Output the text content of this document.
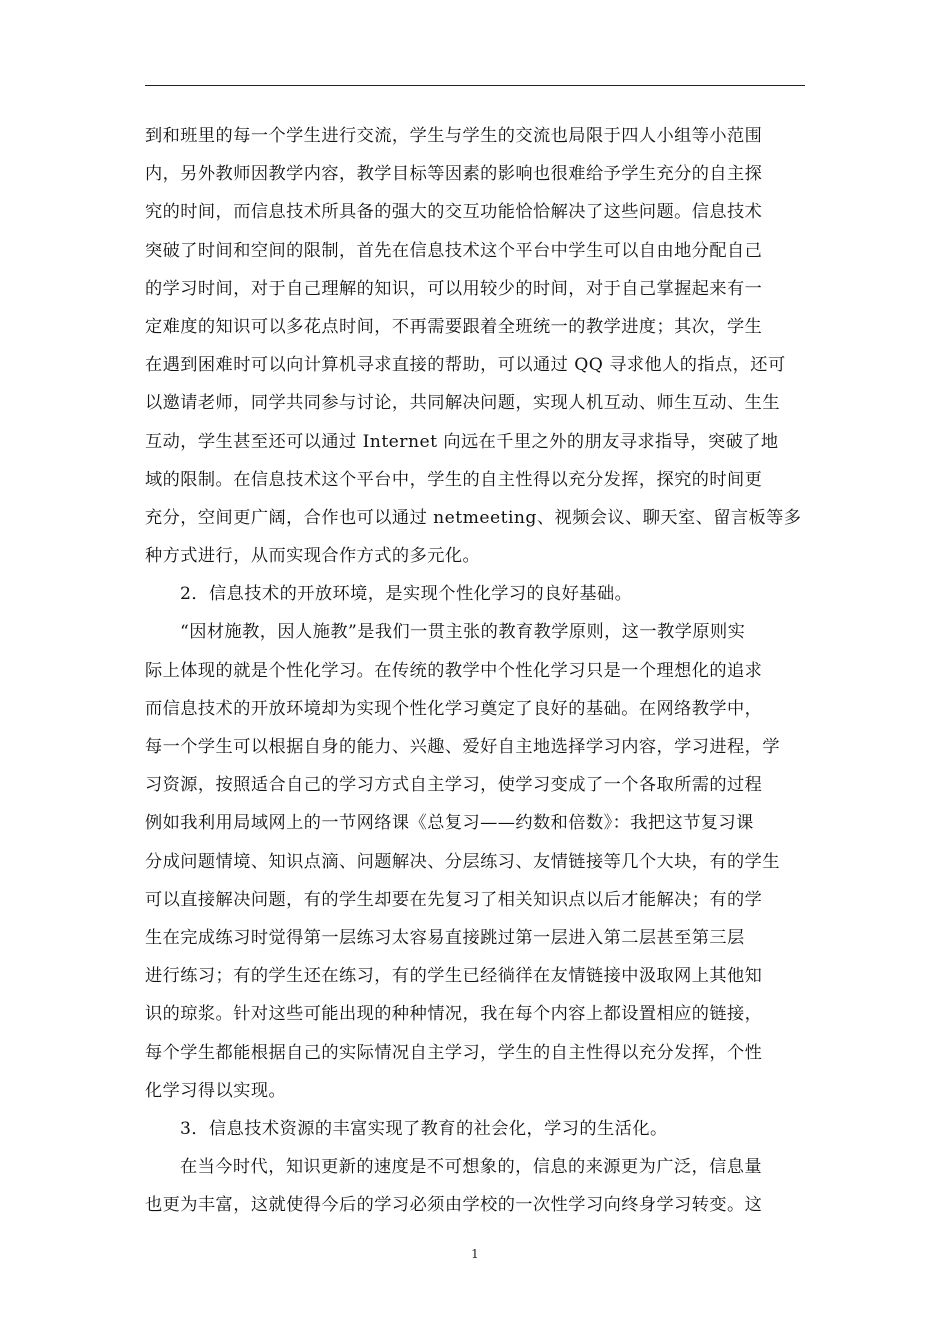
到和班里的每一个学生进行交流，学生与学生的交流也局限于四人小组等小范围
内，另外教师因教学内容，教学目标等因素的影响也很难给予学生充分的自主探
究的时间，而信息技术所具备的强大的交互功能恰恰解决了这些问题。信息技术
突破了时间和空间的限制，首先在信息技术这个平台中学生可以自由地分配自己
的学习时间，对于自己理解的知识，可以用较少的时间，对于自己掌握起来有一
定难度的知识可以多花点时间，不再需要跟着全班统一的教学进度；其次，学生
在遇到困难时可以向计算机寻求直接的帮助，可以通过 QQ 寻求他人的指点，还可
以邀请老师，同学共同参与讨论，共同解决问题，实现人机互动、师生互动、生生
互动，学生甚至还可以通过 Internet 向远在千里之外的朋友寻求指导，突破了地
域的限制。在信息技术这个平台中，学生的自主性得以充分发挥，探究的时间更
充分，空间更广阔，合作也可以通过 netmeeting、视频会议、聊天室、留言板等多
种方式进行，从而实现合作方式的多元化。
2．信息技术的开放环境，是实现个性化学习的良好基础。
“因材施教，因人施教”是我们一贯主张的教育教学原则，这一教学原则实
际上体现的就是个性化学习。在传统的教学中个性化学习只是一个理想化的追求
而信息技术的开放环境却为实现个性化学习奠定了良好的基础。在网络教学中，
每一个学生可以根据自身的能力、兴趣、爱好自主地选择学习内容，学习进程，学
习资源，按照适合自己的学习方式自主学习，使学习变成了一个各取所需的过程
例如我利用局域网上的一节网络课《总复习——约数和倍数》：我把这节复习课
分成问题情境、知识点滴、问题解决、分层练习、友情链接等几个大块，有的学生
可以直接解决问题，有的学生却要在先复习了相关知识点以后才能解决；有的学
生在完成练习时觉得第一层练习太容易直接跳过第一层进入第二层甚至第三层
进行练习；有的学生还在练习，有的学生已经徜徉在友情链接中汲取网上其他知
识的琼浆。针对这些可能出现的种种情况，我在每个内容上都设置相应的链接，
每个学生都能根据自己的实际情况自主学习，学生的自主性得以充分发挥，个性
化学习得以实现。
3．信息技术资源的丰富实现了教育的社会化，学习的生活化。
在当今时代，知识更新的速度是不可想象的，信息的来源更为广泛，信息量
也更为丰富，这就使得今后的学习必须由学校的一次性学习向终身学习转变。这
1
